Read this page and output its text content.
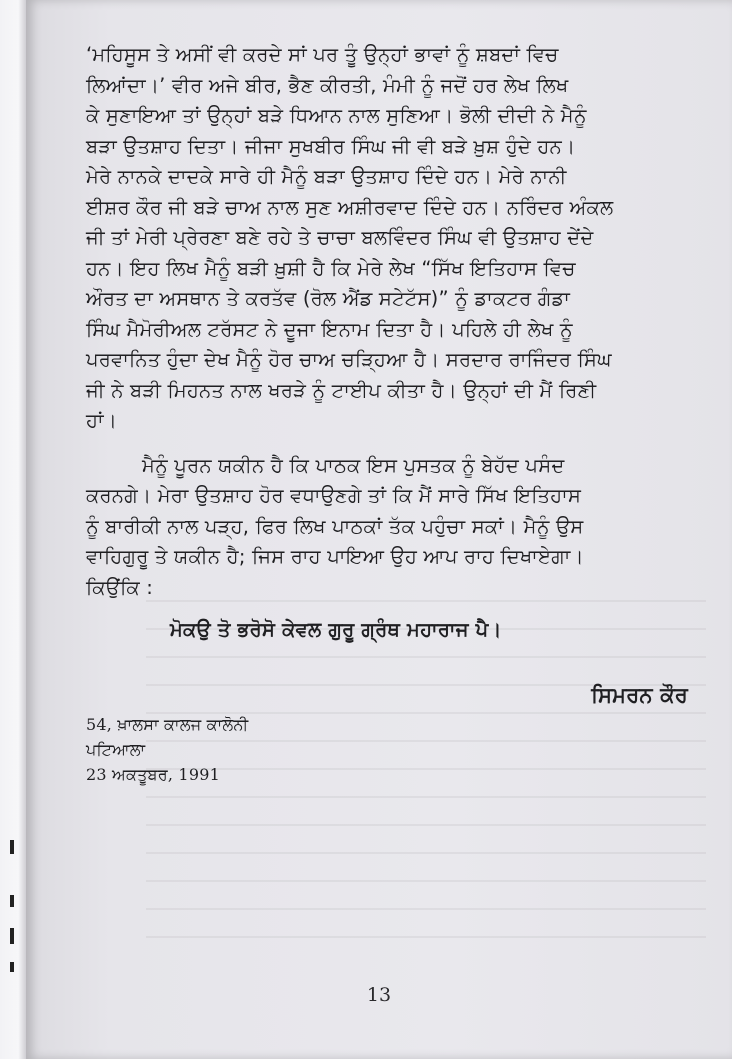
‘ਮਹਿਸੂਸ ਤੇ ਅਸੀਂ ਵੀ ਕਰਦੇ ਸਾਂ ਪਰ ਤੂੰ ਉਨ੍ਹਾਂ ਭਾਵਾਂ ਨੂੰ ਸ਼ਬਦਾਂ ਵਿਚ

ਲਿਆਂਦਾ।’ ਵੀਰ ਅਜੇ ਬੀਰ, ਭੈਣ ਕੀਰਤੀ, ਮੰਮੀ ਨੂੰ ਜਦੋਂ ਹਰ ਲੇਖ ਲਿਖ

ਕੇ ਸੁਣਾਇਆ ਤਾਂ ਉਨ੍ਹਾਂ ਬੜੇ ਧਿਆਨ ਨਾਲ ਸੁਣਿਆ। ਭੋਲੀ ਦੀਦੀ ਨੇ ਮੈਨੂੰ

ਬੜਾ ਉਤਸ਼ਾਹ ਦਿਤਾ। ਜੀਜਾ ਸੁਖਬੀਰ ਸਿੰਘ ਜੀ ਵੀ ਬੜੇ ਖ਼ੁਸ਼ ਹੁੰਦੇ ਹਨ।

ਮੇਰੇ ਨਾਨਕੇ ਦਾਦਕੇ ਸਾਰੇ ਹੀ ਮੈਨੂੰ ਬੜਾ ਉਤਸ਼ਾਹ ਦਿੰਦੇ ਹਨ। ਮੇਰੇ ਨਾਨੀ

ਈਸ਼ਰ ਕੌਰ ਜੀ ਬੜੇ ਚਾਅ ਨਾਲ ਸੁਣ ਅਸ਼ੀਰਵਾਦ ਦਿੰਦੇ ਹਨ। ਨਰਿੰਦਰ ਅੰਕਲ

ਜੀ ਤਾਂ ਮੇਰੀ ਪ੍ਰੇਰਣਾ ਬਣੇ ਰਹੇ ਤੇ ਚਾਚਾ ਬਲਵਿੰਦਰ ਸਿੰਘ ਵੀ ਉਤਸ਼ਾਹ ਦੇਂਦੇ

ਹਨ। ਇਹ ਲਿਖ ਮੈਨੂੰ ਬੜੀ ਖ਼ੁਸ਼ੀ ਹੈ ਕਿ ਮੇਰੇ ਲੇਖ “ਸਿੱਖ ਇਤਿਹਾਸ ਵਿਚ

ਔਰਤ ਦਾ ਅਸਥਾਨ ਤੇ ਕਰਤੱਵ (ਰੋਲ ਐਂਡ ਸਟੇਟੱਸ)” ਨੂੰ ਡਾਕਟਰ ਗੰਡਾ

ਸਿੰਘ ਮੈਮੋਰੀਅਲ ਟਰੱਸਟ ਨੇ ਦੂਜਾ ਇਨਾਮ ਦਿਤਾ ਹੈ। ਪਹਿਲੇ ਹੀ ਲੇਖ ਨੂੰ

ਪਰਵਾਨਿਤ ਹੁੰਦਾ ਦੇਖ ਮੈਨੂੰ ਹੋਰ ਚਾਅ ਚੜ੍ਹਿਆ ਹੈ। ਸਰਦਾਰ ਰਾਜਿੰਦਰ ਸਿੰਘ

ਜੀ ਨੇ ਬੜੀ ਮਿਹਨਤ ਨਾਲ ਖਰੜੇ ਨੂੰ ਟਾਈਪ ਕੀਤਾ ਹੈ। ਉਨ੍ਹਾਂ ਦੀ ਮੈਂ ਰਿਣੀ

ਹਾਂ।

ਮੈਨੂੰ ਪੂਰਨ ਯਕੀਨ ਹੈ ਕਿ ਪਾਠਕ ਇਸ ਪੁਸਤਕ ਨੂੰ ਬੇਹੱਦ ਪਸੰਦ

ਕਰਨਗੇ। ਮੇਰਾ ਉਤਸ਼ਾਹ ਹੋਰ ਵਧਾਉਣਗੇ ਤਾਂ ਕਿ ਮੈਂ ਸਾਰੇ ਸਿੱਖ ਇਤਿਹਾਸ

ਨੂੰ ਬਾਰੀਕੀ ਨਾਲ ਪੜ੍ਹ, ਫਿਰ ਲਿਖ ਪਾਠਕਾਂ ਤੱਕ ਪਹੁੰਚਾ ਸਕਾਂ। ਮੈਨੂੰ ਉਸ

ਵਾਹਿਗੁਰੂ ਤੇ ਯਕੀਨ ਹੈ; ਜਿਸ ਰਾਹ ਪਾਇਆ ਉਹ ਆਪ ਰਾਹ ਦਿਖਾਏਗਾ।

ਕਿਉਂਕਿ :

ਮੋਕਉ ਤੋ ਭਰੋਸੋ ਕੇਵਲ ਗੁਰੂ ਗ੍ਰੰਥ ਮਹਾਰਾਜ ਪੈ।
ਸਿਮਰਨ ਕੌਰ
54, ਖ਼ਾਲਸਾ ਕਾਲਜ ਕਾਲੋਨੀ
ਪਟਿਆਲਾ
23 ਅਕਤੂਬਰ, 1991
13
